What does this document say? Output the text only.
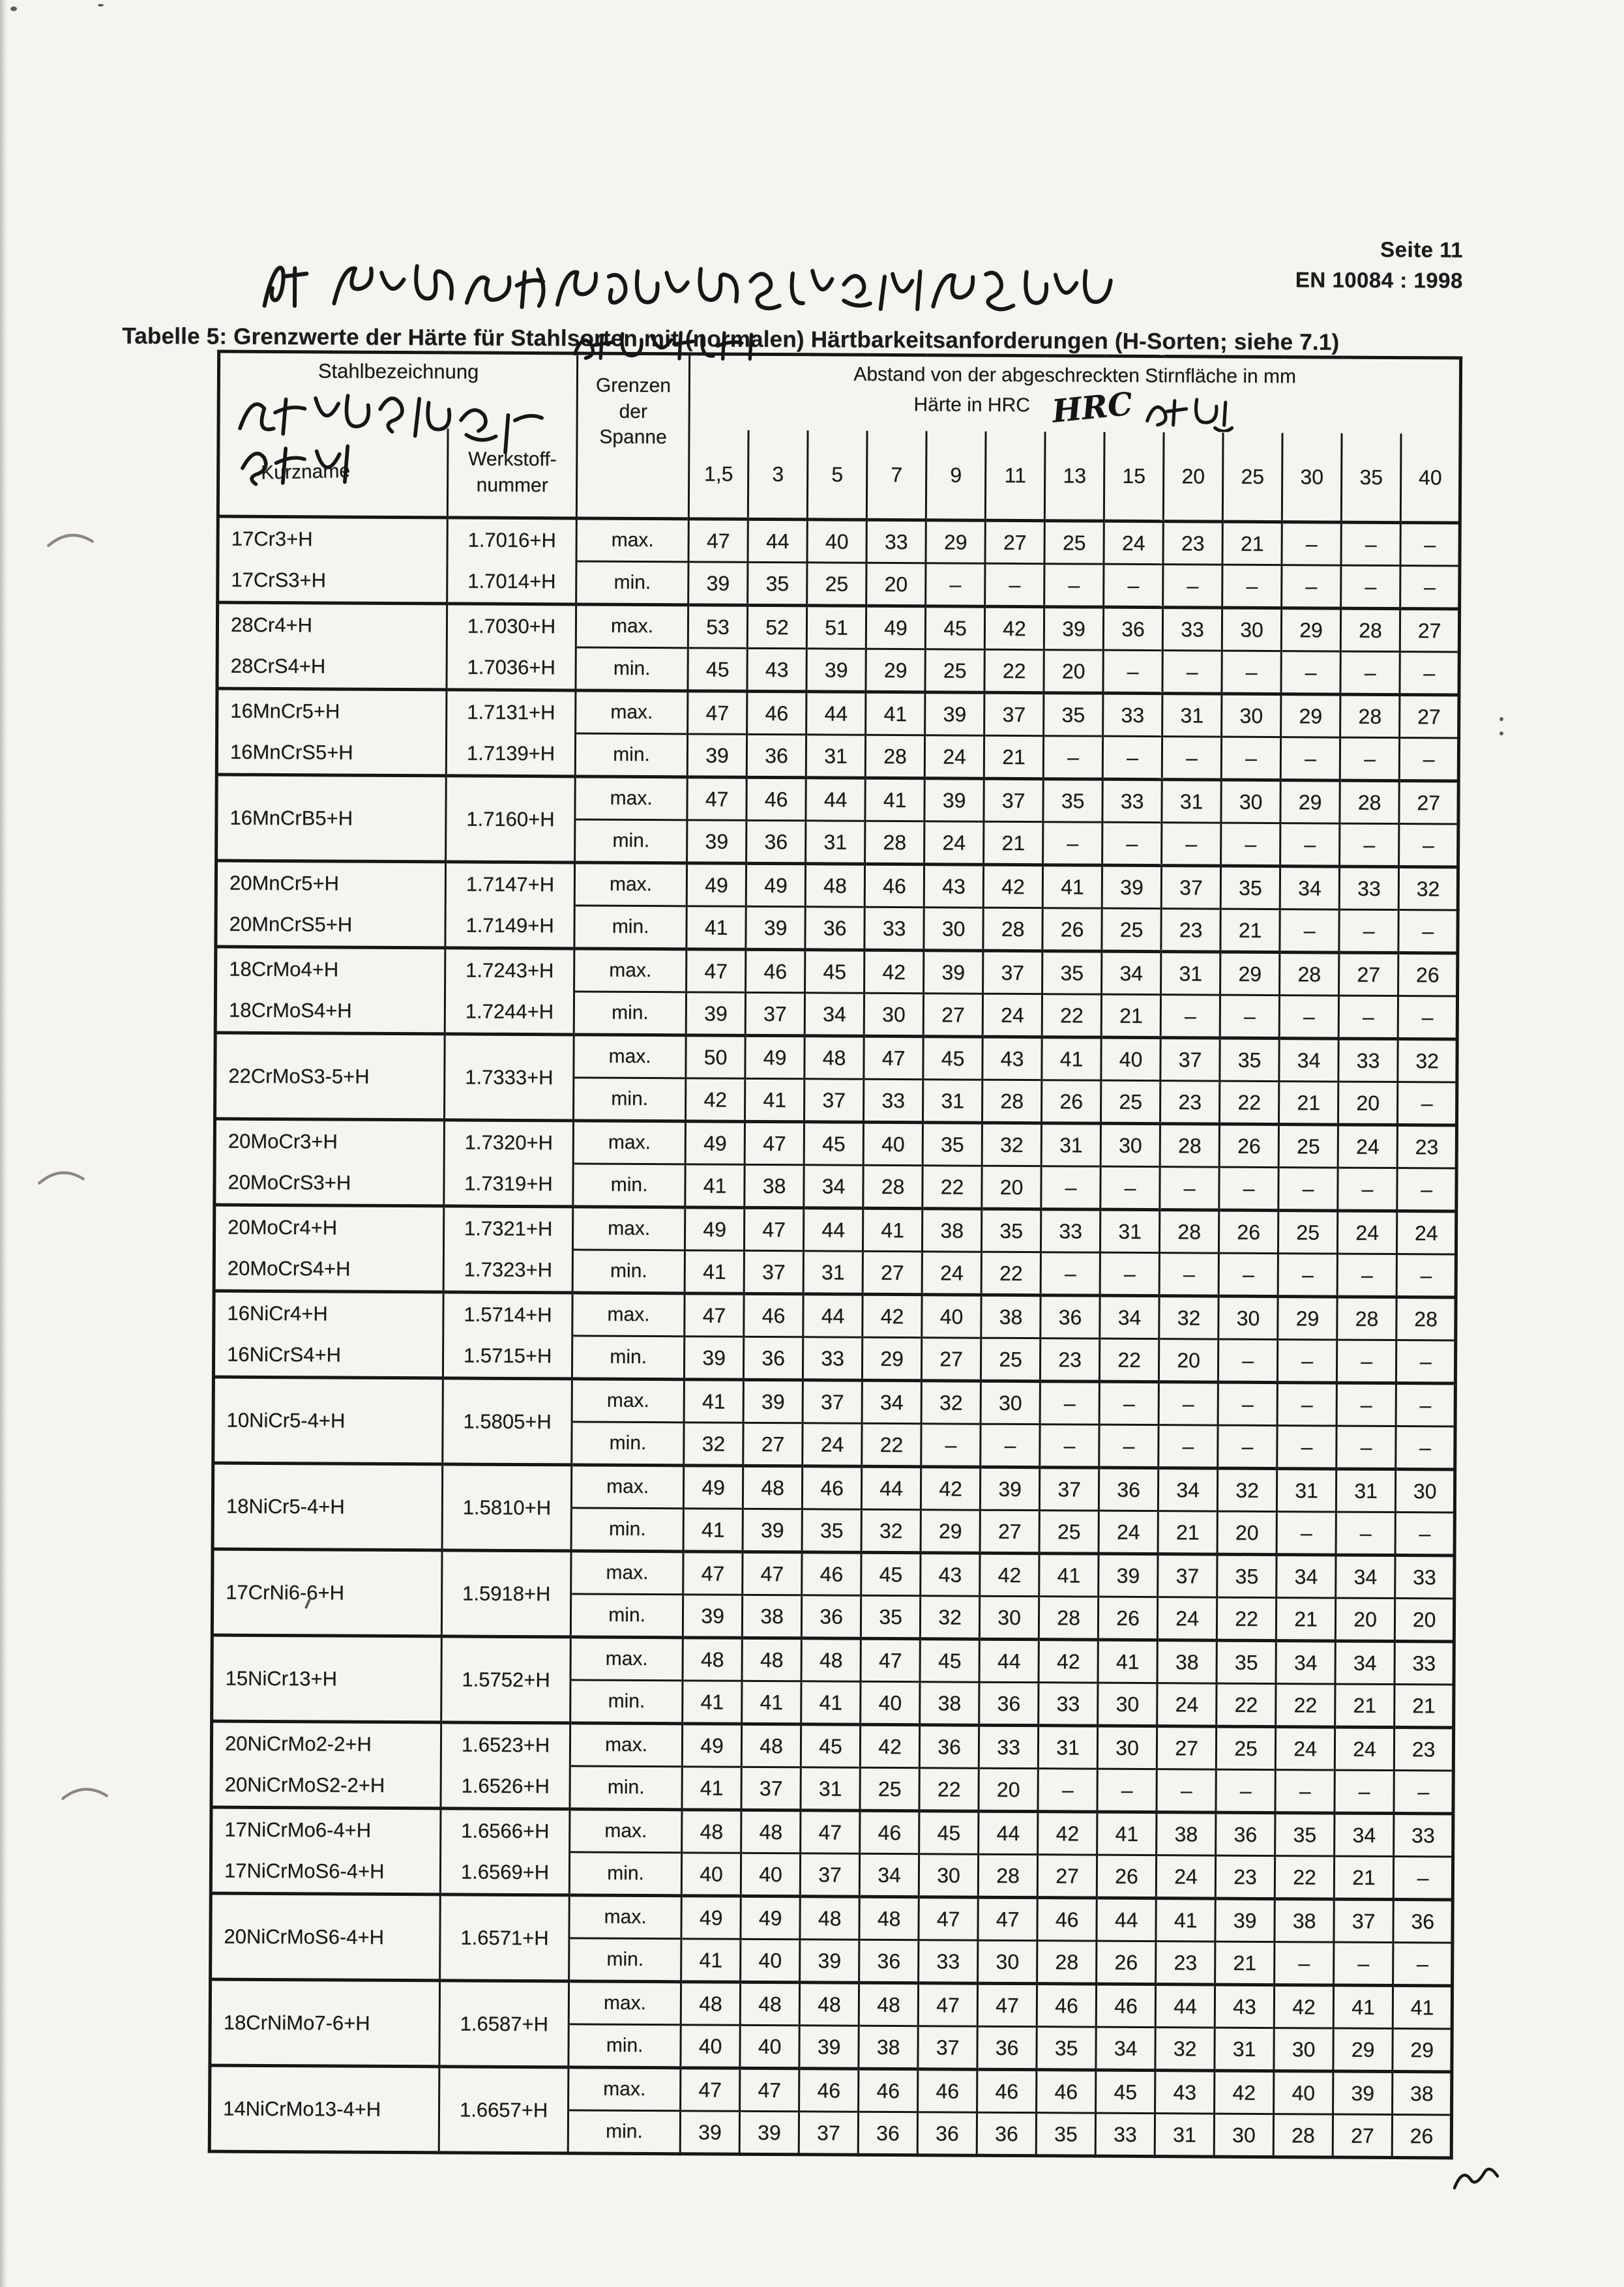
Seite 11
EN 10084 : 1998
Tabelle 5: Grenzwerte der Härte für Stahlsorten mit (normalen) Härtbarkeitsanforderungen (H-Sorten; siehe 7.1)
Stahlbezeichnung		Grenzen der Spanne	Abstand von der abgeschreckten Stirnfläche in mm
Härte in HRC HRC												

Kurzname	Werkstoff-
nummer		1,5	3	5	7	9	11	13	15	20	25	30	35	40
17Cr3+H	1.7016+H	max.	47	44	40	33	29	27	25	24	23	21	–	–	–
17CrS3+H	1.7014+H	min.	39	35	25	20	–	–	–	–	–	–	–	–	–
28Cr4+H	1.7030+H	max.	53	52	51	49	45	42	39	36	33	30	29	28	27
28CrS4+H	1.7036+H	min.	45	43	39	29	25	22	20	–	–	–	–	–	–
16MnCr5+H	1.7131+H	max.	47	46	44	41	39	37	35	33	31	30	29	28	27
16MnCrS5+H	1.7139+H	min.	39	36	31	28	24	21	–	–	–	–	–	–	–
16MnCrB5+H	1.7160+H	max.	47	46	44	41	39	37	35	33	31	30	29	28	27
		min.	39	36	31	28	24	21	–	–	–	–	–	–	–
20MnCr5+H	1.7147+H	max.	49	49	48	46	43	42	41	39	37	35	34	33	32
20MnCrS5+H	1.7149+H	min.	41	39	36	33	30	28	26	25	23	21	–	–	–
18CrMo4+H	1.7243+H	max.	47	46	45	42	39	37	35	34	31	29	28	27	26
18CrMoS4+H	1.7244+H	min.	39	37	34	30	27	24	22	21	–	–	–	–	–
22CrMoS3-5+H	1.7333+H	max.	50	49	48	47	45	43	41	40	37	35	34	33	32
		min.	42	41	37	33	31	28	26	25	23	22	21	20	–
20MoCr3+H	1.7320+H	max.	49	47	45	40	35	32	31	30	28	26	25	24	23
20MoCrS3+H	1.7319+H	min.	41	38	34	28	22	20	–	–	–	–	–	–	–
20MoCr4+H	1.7321+H	max.	49	47	44	41	38	35	33	31	28	26	25	24	24
20MoCrS4+H	1.7323+H	min.	41	37	31	27	24	22	–	–	–	–	–	–	–
16NiCr4+H	1.5714+H	max.	47	46	44	42	40	38	36	34	32	30	29	28	28
16NiCrS4+H	1.5715+H	min.	39	36	33	29	27	25	23	22	20	–	–	–	–
10NiCr5-4+H	1.5805+H	max.	41	39	37	34	32	30	–	–	–	–	–	–	–
		min.	32	27	24	22	–	–	–	–	–	–	–	–	–
18NiCr5-4+H	1.5810+H	max.	49	48	46	44	42	39	37	36	34	32	31	31	30
		min.	41	39	35	32	29	27	25	24	21	20	–	–	–
17CrNi6-6+H	1.5918+H	max.	47	47	46	45	43	42	41	39	37	35	34	34	33
		min.	39	38	36	35	32	30	28	26	24	22	21	20	20
15NiCr13+H	1.5752+H	max.	48	48	48	47	45	44	42	41	38	35	34	34	33
		min.	41	41	41	40	38	36	33	30	24	22	22	21	21
20NiCrMo2-2+H	1.6523+H	max.	49	48	45	42	36	33	31	30	27	25	24	24	23
20NiCrMoS2-2+H	1.6526+H	min.	41	37	31	25	22	20	–	–	–	–	–	–	–
17NiCrMo6-4+H	1.6566+H	max.	48	48	47	46	45	44	42	41	38	36	35	34	33
17NiCrMoS6-4+H	1.6569+H	min.	40	40	37	34	30	28	27	26	24	23	22	21	–
20NiCrMoS6-4+H	1.6571+H	max.	49	49	48	48	47	47	46	44	41	39	38	37	36
		min.	41	40	39	36	33	30	28	26	23	21	–	–	–
18CrNiMo7-6+H	1.6587+H	max.	48	48	48	48	47	47	46	46	44	43	42	41	41
		min.	40	40	39	38	37	36	35	34	32	31	30	29	29
14NiCrMo13-4+H	1.6657+H	max.	47	47	46	46	46	46	46	45	43	42	40	39	38
		min.	39	39	37	36	36	36	35	33	31	30	28	27	26
